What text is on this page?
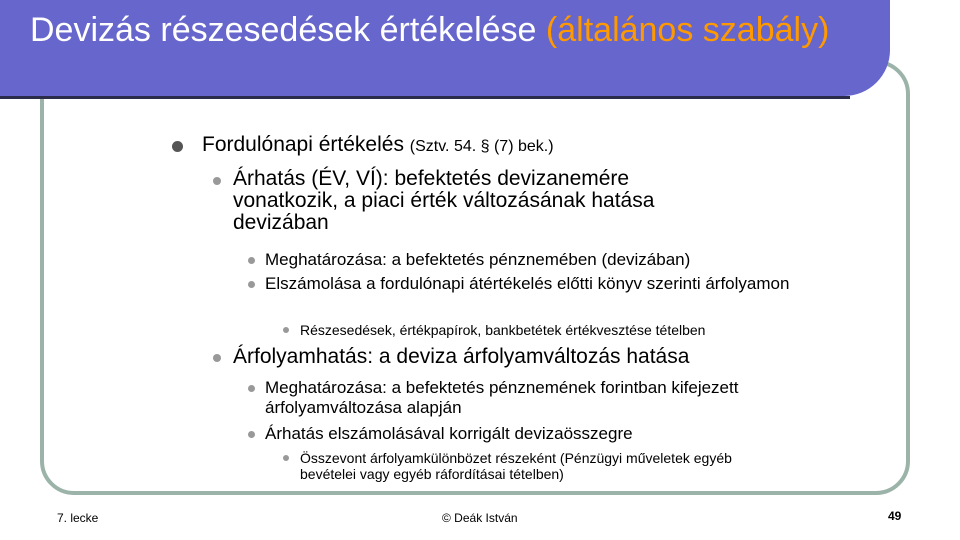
Devizás részesedések értékelése (általános szabály)
Fordulónapi értékelés (Sztv. 54. § (7) bek.)
Árhatás (ÉV, VÍ): befektetés devizanemére vonatkozik, a piaci érték változásának hatása devizában
Meghatározása: a befektetés pénznemében (devizában)
Elszámolása a fordulónapi átértékelés előtti könyv szerinti árfolyamon
Részesedések, értékpapírok, bankbetétek értékvesztése tételben
Árfolyamhatás: a deviza árfolyamváltozás hatása
Meghatározása: a befektetés pénznemének forintban kifejezett árfolyamváltozása alapján
Árhatás elszámolásával korrigált devizaösszegre
Összevont árfolyamkülönbözet részeként (Pénzügyi műveletek egyéb bevételei vagy egyéb ráfordításai tételben)
7. lecke	© Deák István	49
